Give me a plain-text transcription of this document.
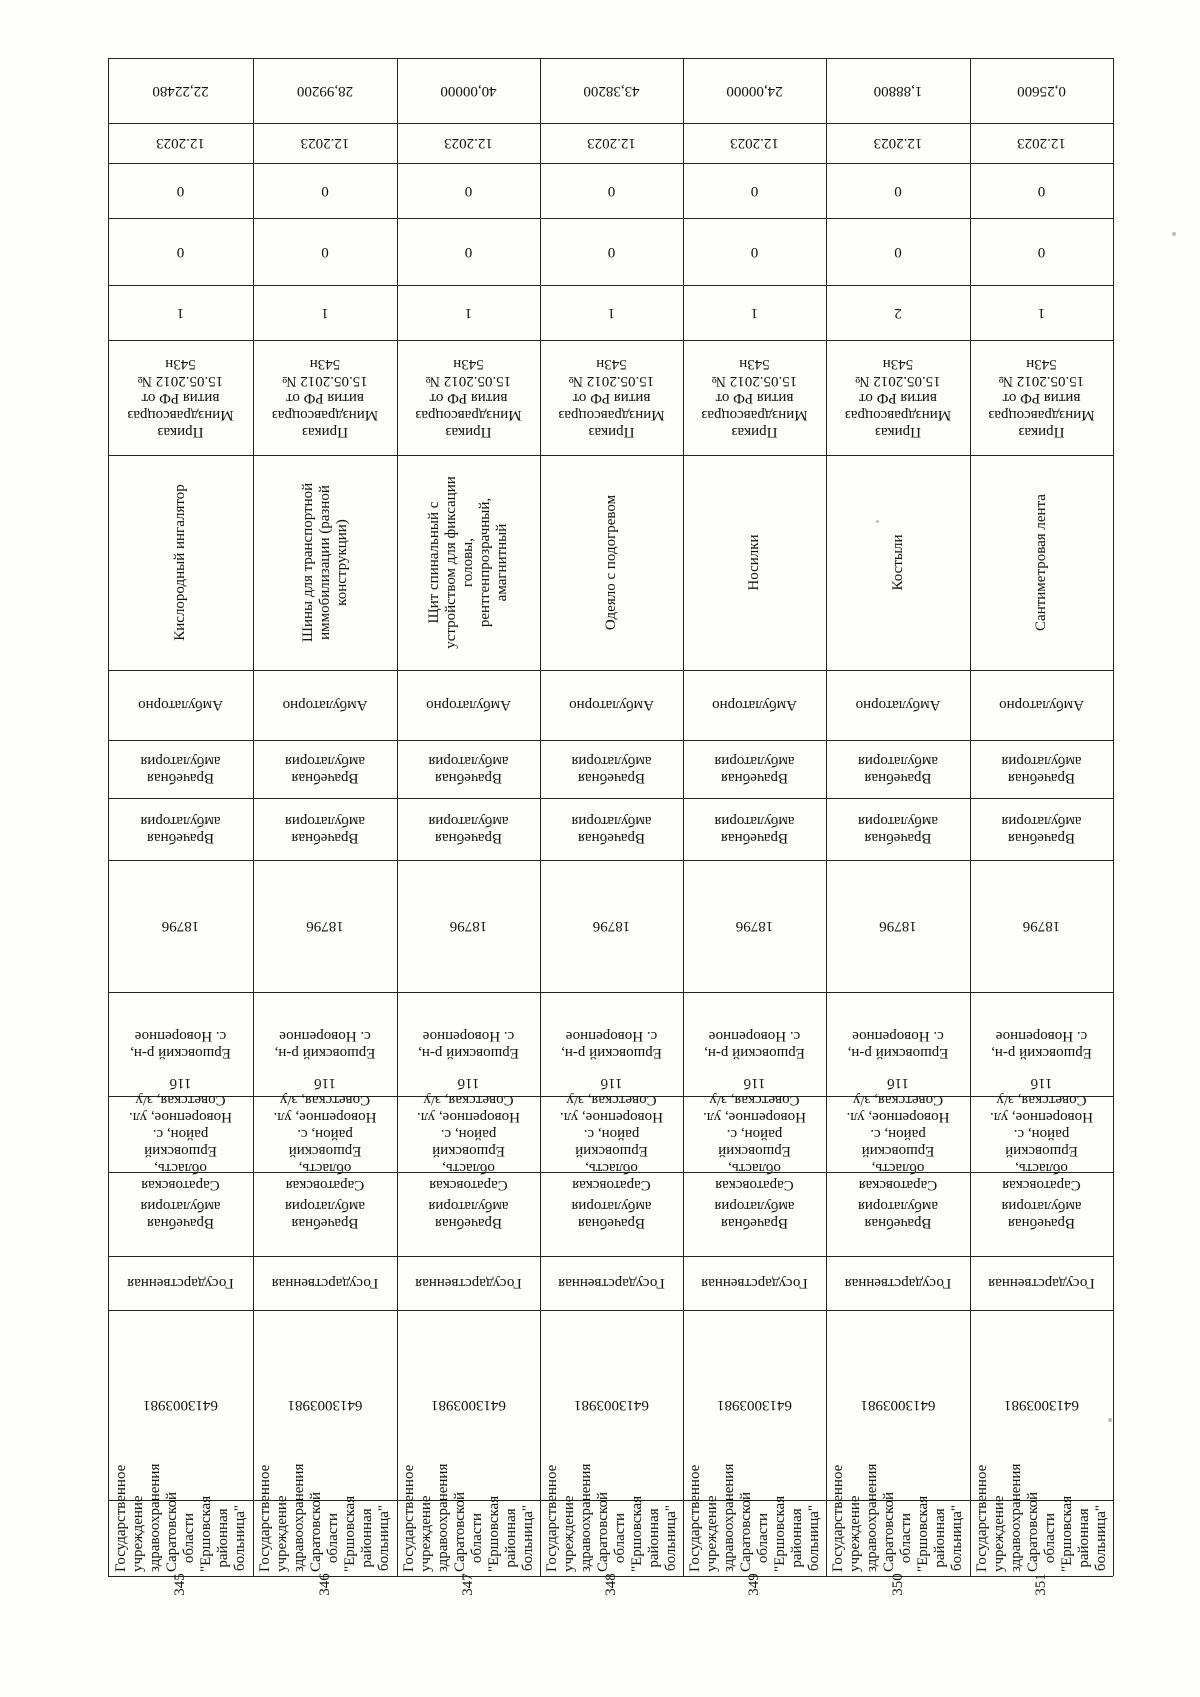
22,22480
12.2023
0
0
1
Приказ
Минздравсоцраз
вития РФ от
15.05.2012 №
543н
Кислородный ингалятор
Амбулаторно
Врачебная
амбулатория
Врачебная
амбулатория
18796
Ершовский р-н,
с. Новорепное
Саратовская
область,
Ершовский
район, с.
Новорепное, ул.
Советская, з/у
11б
Врачебная
амбулатория
Государственная
6413003981
Государственное
учреждение
здравоохранения
Саратовской области
"Ершовская районная
больница"
345
28,99200
12.2023
0
0
1
Приказ
Минздравсоцраз
вития РФ от
15.05.2012 №
543н
Шины для транспортной
иммобилизации (разной
конструкции)
Амбулаторно
Врачебная
амбулатория
Врачебная
амбулатория
18796
Ершовский р-н,
с. Новорепное
Саратовская
область,
Ершовский
район, с.
Новорепное, ул.
Советская, з/у
11б
Врачебная
амбулатория
Государственная
6413003981
Государственное
учреждение
здравоохранения
Саратовской области
"Ершовская районная
больница"
346
40,00000
12.2023
0
0
1
Приказ
Минздравсоцраз
вития РФ от
15.05.2012 №
543н
Щит спинальный с
устройством для фиксации
головы,
рентгенпрозрачный,
амагнитный
Амбулаторно
Врачебная
амбулатория
Врачебная
амбулатория
18796
Ершовский р-н,
с. Новорепное
Саратовская
область,
Ершовский
район, с.
Новорепное, ул.
Советская, з/у
11б
Врачебная
амбулатория
Государственная
6413003981
Государственное
учреждение
здравоохранения
Саратовской области
"Ершовская районная
больница"
347
43,38200
12.2023
0
0
1
Приказ
Минздравсоцраз
вития РФ от
15.05.2012 №
543н
Одеяло с подогревом
Амбулаторно
Врачебная
амбулатория
Врачебная
амбулатория
18796
Ершовский р-н,
с. Новорепное
Саратовская
область,
Ершовский
район, с.
Новорепное, ул.
Советская, з/у
11б
Врачебная
амбулатория
Государственная
6413003981
Государственное
учреждение
здравоохранения
Саратовской области
"Ершовская районная
больница"
348
24,00000
12.2023
0
0
1
Приказ
Минздравсоцраз
вития РФ от
15.05.2012 №
543н
Носилки
Амбулаторно
Врачебная
амбулатория
Врачебная
амбулатория
18796
Ершовский р-н,
с. Новорепное
Саратовская
область,
Ершовский
район, с.
Новорепное, ул.
Советская, з/у
11б
Врачебная
амбулатория
Государственная
6413003981
Государственное
учреждение
здравоохранения
Саратовской области
"Ершовская районная
больница"
349
1,88800
12.2023
0
0
2
Приказ
Минздравсоцраз
вития РФ от
15.05.2012 №
543н
Костыли
Амбулаторно
Врачебная
амбулатория
Врачебная
амбулатория
18796
Ершовский р-н,
с. Новорепное
Саратовская
область,
Ершовский
район, с.
Новорепное, ул.
Советская, з/у
11б
Врачебная
амбулатория
Государственная
6413003981
Государственное
учреждение
здравоохранения
Саратовской области
"Ершовская районная
больница"
350
0,25600
12.2023
0
0
1
Приказ
Минздравсоцраз
вития РФ от
15.05.2012 №
543н
Сантиметровая лента
Амбулаторно
Врачебная
амбулатория
Врачебная
амбулатория
18796
Ершовский р-н,
с. Новорепное
Саратовская
область,
Ершовский
район, с.
Новорепное, ул.
Советская, з/у
11б
Врачебная
амбулатория
Государственная
6413003981
Государственное
учреждение
здравоохранения
Саратовской области
"Ершовская районная
больница"
351
